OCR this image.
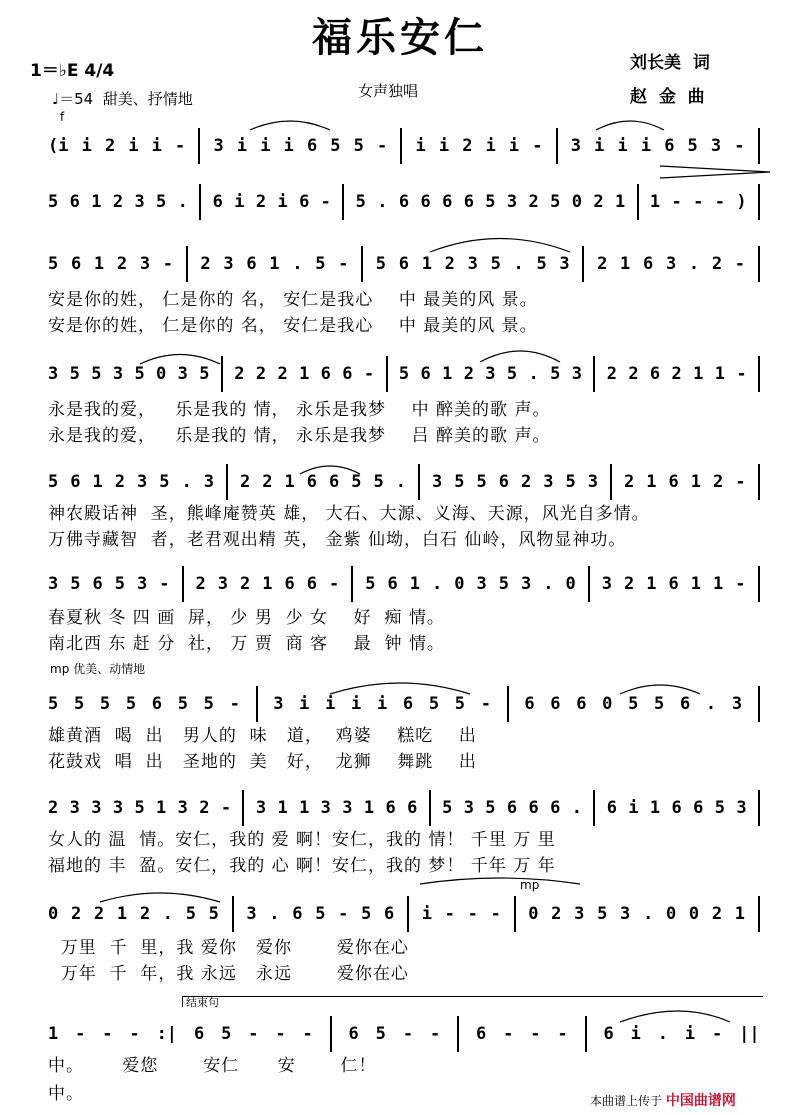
福乐安仁
1＝♭E 4/4
♩＝54  甜美、抒情地	女声独唱
刘长美  词
赵  金  曲
f
(i i 2 i i - 3 i i i 6 5 5 - i i 2 i i - 3 i i i 6 5 3 -
5 6 1 2 3 5 . 6 i 2 i 6 - 5 . 6 6 6 6 5 3 2 5 0 2 1 1 - - - )
5 6 1 2 3 - 2 3 6 1 . 5 - 5 6 1 2 3 5 . 5 3 2 1 6 3 . 2 -
安是你的姓， 仁是你的 名， 安仁是我心    中 最美的风 景。
安是你的姓， 仁是你的 名， 安仁是我心    中 最美的风 景。
3 5 5 3 5 0 3 5 2 2 2 1 6 6 - 5 6 1 2 3 5 . 5 3 2 2 6 2 1 1 -
永是我的爱，   乐是我的 情， 永乐是我梦    中 醉美的歌 声。
永是我的爱，   乐是我的 情， 永乐是我梦    吕 醉美的歌 声。
5 6 1 2 3 5 . 3 2 2 1 6 6 5 5 . 3 5 5 6 2 3 5 3 2 1 6 1 2 -
神农殿话神  圣，熊峰庵赞英 雄， 大石、大源、义海、天源，风光自多情。
万佛寺藏智  者，老君观出精 英， 金紫 仙坳，白石 仙岭，风物显神功。
3 5 6 5 3 - 2 3 2 1 6 6 - 5 6 1 . 0 3 5 3 . 0 3 2 1 6 1 1 -
春夏秋 冬 四 画  屏， 少 男  少 女    好  痴 情。
南北西 东 赶 分  社， 万 贾  商 客    最  钟 情。
mp 优美、动情地
5 5 5 5 6 5 5 - 3 i i i i 6 5 5 - 6 6 6 0 5 5 6 . 3
雄黄酒  喝  出   男人的  味   道，  鸡婆    糕吃    出
花鼓戏  唱  出   圣地的  美   好，  龙狮    舞跳    出
2 3 3 3 5 1 3 2 - 3 1 1 3 3 1 6 6 5 3 5 6 6 6 . 6 i 1 6 6 5 3
女人的 温  情。安仁，我的 爱 啊！安仁，我的 情！ 千里 万 里
福地的 丰  盈。安仁，我的 心 啊！安仁，我的 梦！ 千年 万 年
mp
0 2 2 1 2 . 5 5 3 . 6 5 - 5 6 i - - - 0 2 3 5 3 . 0 0 2 1
万里  千  里，我 爱你   爱你       爱你在心
万年  千  年，我 永远   永远       爱你在心
结束句
1 - - - :| 6 5 - - - 6 5 - - 6 - - - 6 i . i - ||
中。      爱您       安仁      安       仁！
中。	本曲谱上传于 中国曲谱网
